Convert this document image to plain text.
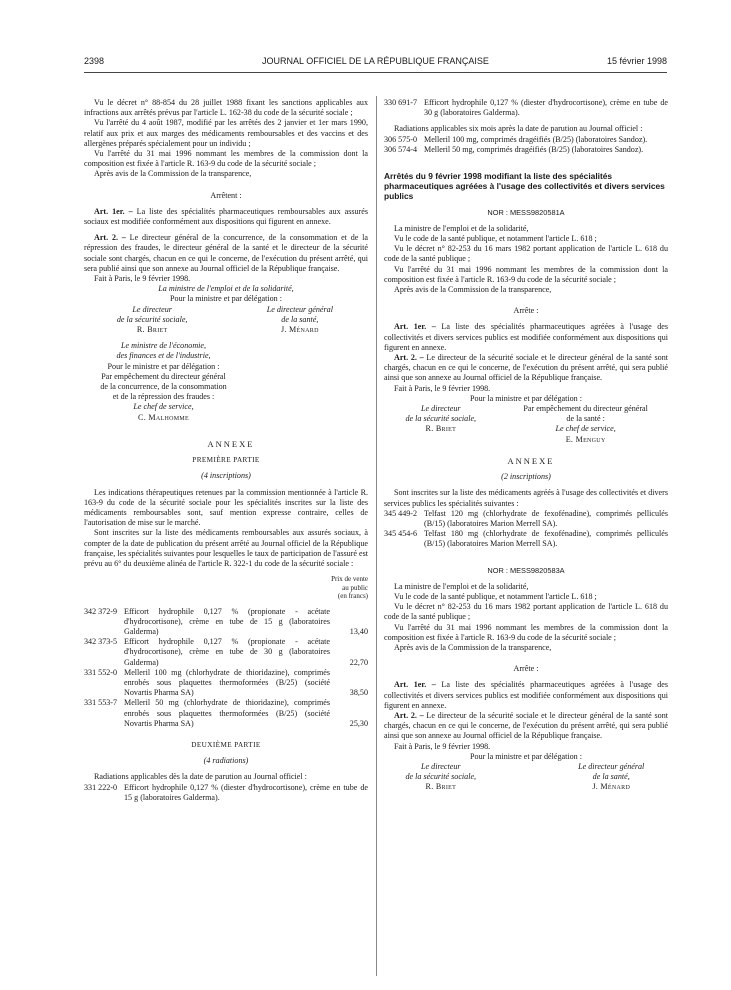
2398	JOURNAL OFFICIEL DE LA RÉPUBLIQUE FRANÇAISE	15 février 1998

Vu le décret n° 88-854 du 28 juillet 1988 fixant les sanctions applicables aux infractions aux arrêtés prévus par l'article L. 162-38 du code de la sécurité sociale ;

Vu l'arrêté du 4 août 1987, modifié par les arrêtés des 2 janvier et 1er mars 1990, relatif aux prix et aux marges des médicaments remboursables et des vaccins et des allergènes préparés spécialement pour un individu ;

Vu l'arrêté du 31 mai 1996 nommant les membres de la commission dont la composition est fixée à l'article R. 163-9 du code de la sécurité sociale ;

Après avis de la Commission de la transparence,

Arrêtent :

Art. 1er. – La liste des spécialités pharmaceutiques remboursables aux assurés sociaux est modifiée conformément aux dispositions qui figurent en annexe.

Art. 2. – Le directeur général de la concurrence, de la consommation et de la répression des fraudes, le directeur général de la santé et le directeur de la sécurité sociale sont chargés, chacun en ce qui le concerne, de l'exécution du présent arrêté, qui sera publié ainsi que son annexe au Journal officiel de la République française.

Fait à Paris, le 9 février 1998.

La ministre de l'emploi et de la solidarité,

Pour la ministre et par délégation :

Le directeur
de la sécurité sociale,
R. Briet
Le directeur général
de la santé,
J. Ménard
Le ministre de l'économie,
des finances et de l'industrie,
Pour le ministre et par délégation :
Par empêchement du directeur général
de la concurrence, de la consommation
et de la répression des fraudes :
Le chef de service,
C. Malhomme

ANNEXE

PREMIÈRE PARTIE

(4 inscriptions)

Les indications thérapeutiques retenues par la commission mentionnée à l'article R. 163-9 du code de la sécurité sociale pour les spécialités inscrites sur la liste des médicaments remboursables sont, sauf mention expresse contraire, celles de l'autorisation de mise sur le marché.

Sont inscrites sur la liste des médicaments remboursables aux assurés sociaux, à compter de la date de publication du présent arrêté au Journal officiel de la République française, les spécialités suivantes pour lesquelles le taux de participation de l'assuré est prévu au 6° du deuxième alinéa de l'article R. 322-1 du code de la sécurité sociale :

Prix de vente
au public
(en francs)
342 372-9 Efficort hydrophile 0,127 % (propionate - acétate d'hydrocortisone), crème en tube de 15 g (laboratoires Galderma)	13,40
342 373-5 Efficort hydrophile 0,127 % (propionate - acétate d'hydrocortisone), crème en tube de 30 g (laboratoires Galderma)	22,70
331 552-0 Melleril 100 mg (chlorhydrate de thioridazine), comprimés enrobés sous plaquettes thermoformées (B/25) (société Novartis Pharma SA)	38,50
331 553-7 Melleril 50 mg (chlorhydrate de thioridazine), comprimés enrobés sous plaquettes thermoformées (B/25) (société Novartis Pharma SA)	25,30

DEUXIÈME PARTIE

(4 radiations)

Radiations applicables dès la date de parution au Journal officiel :

331 222-0 Efficort hydrophile 0,127 % (diester d'hydrocortisone), crème en tube de 15 g (laboratoires Galderma).
330 691-7 Efficort hydrophile 0,127 % (diester d'hydrocortisone), crème en tube de 30 g (laboratoires Galderma).

Radiations applicables six mois après la date de parution au Journal officiel :

306 575-0 Melleril 100 mg, comprimés dragéifiés (B/25) (laboratoires Sandoz).
306 574-4 Melleril 50 mg, comprimés dragéifiés (B/25) (laboratoires Sandoz).

Arrêtés du 9 février 1998 modifiant la liste des spécialités pharmaceutiques agréées à l'usage des collectivités et divers services publics

NOR : MESS9820581A

La ministre de l'emploi et de la solidarité,

Vu le code de la santé publique, et notamment l'article L. 618 ;

Vu le décret n° 82-253 du 16 mars 1982 portant application de l'article L. 618 du code de la santé publique ;

Vu l'arrêté du 31 mai 1996 nommant les membres de la commission dont la composition est fixée à l'article R. 163-9 du code de la sécurité sociale ;

Après avis de la Commission de la transparence,

Arrête :

Art. 1er. – La liste des spécialités pharmaceutiques agréées à l'usage des collectivités et divers services publics est modifiée conformément aux dispositions qui figurent en annexe.

Art. 2. – Le directeur de la sécurité sociale et le directeur général de la santé sont chargés, chacun en ce qui le concerne, de l'exécution du présent arrêté, qui sera publié ainsi que son annexe au Journal officiel de la République française.

Fait à Paris, le 9 février 1998.

Pour la ministre et par délégation :

Le directeur
de la sécurité sociale,
R. Briet
Par empêchement du directeur général
de la santé :
Le chef de service,
E. Menguy

ANNEXE

(2 inscriptions)

Sont inscrites sur la liste des médicaments agréés à l'usage des collectivités et divers services publics les spécialités suivantes :

345 449-2 Telfast 120 mg (chlorhydrate de fexofénadine), comprimés pelliculés (B/15) (laboratoires Marion Merrell SA).
345 454-6 Telfast 180 mg (chlorhydrate de fexofénadine), comprimés pelliculés (B/15) (laboratoires Marion Merrell SA).

NOR : MESS9820583A

La ministre de l'emploi et de la solidarité,

Vu le code de la santé publique, et notamment l'article L. 618 ;

Vu le décret n° 82-253 du 16 mars 1982 portant application de l'article L. 618 du code de la santé publique ;

Vu l'arrêté du 31 mai 1996 nommant les membres de la commission dont la composition est fixée à l'article R. 163-9 du code de la sécurité sociale ;

Après avis de la Commission de la transparence,

Arrête :

Art. 1er. – La liste des spécialités pharmaceutiques agréées à l'usage des collectivités et divers services publics est modifiée conformément aux dispositions qui figurent en annexe.

Art. 2. – Le directeur de la sécurité sociale et le directeur général de la santé sont chargés, chacun en ce qui le concerne, de l'exécution du présent arrêté, qui sera publié ainsi que son annexe au Journal officiel de la République française.

Fait à Paris, le 9 février 1998.

Pour la ministre et par délégation :

Le directeur
de la sécurité sociale,
R. Briet
Le directeur général
de la santé,
J. Ménard
